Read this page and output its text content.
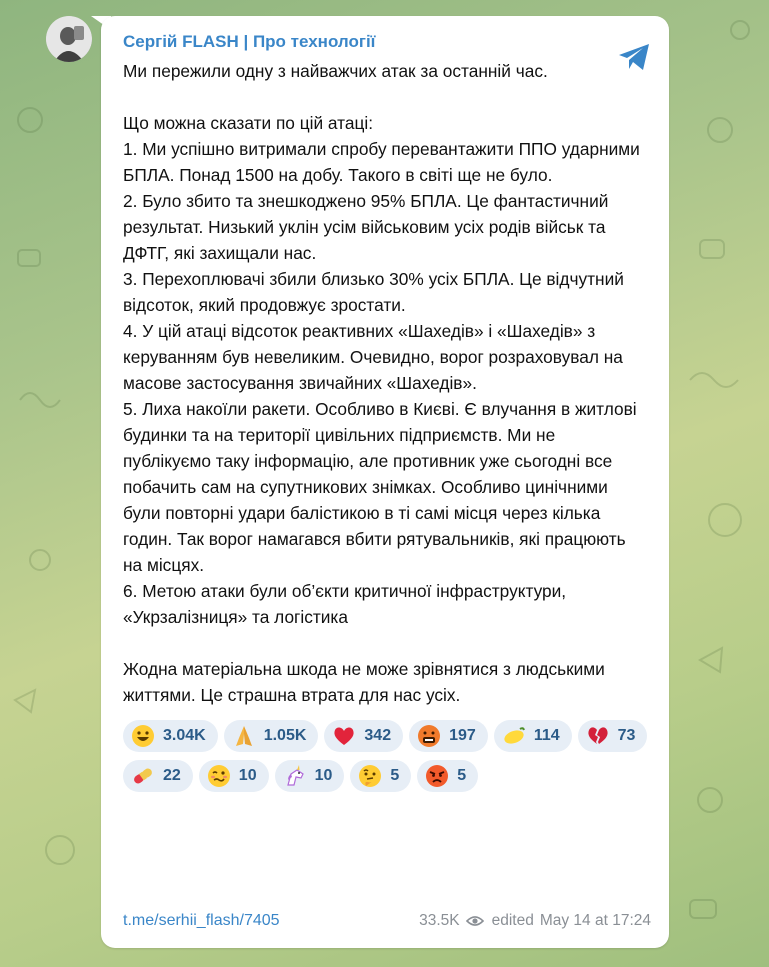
Сергій FLASH | Про технології

Ми пережили одну з найважчих атак за останній час.

Що можна сказати по цій атаці:

1. Ми успішно витримали спробу перевантажити ППО ударними БПЛА. Понад 1500 на добу. Такого в світі ще не було.

2. Було збито та знешкоджено 95% БПЛА. Це фантастичний результат. Низький уклін усім військовим усіх родів військ та ДФТГ, які захищали нас.

3. Перехоплювачі збили близько 30% усіх БПЛА. Це відчутний відсоток, який продовжує зростати.

4. У цій атаці відсоток реактивних «Шахедів» і «Шахедів» з керуванням був невеликим. Очевидно, ворог розраховувал на масове застосування звичайних «Шахедів».

5. Лиха накоїли ракети. Особливо в Києві. Є влучання в житлові будинки та на території цивільних підприємств. Ми не публікуємо таку інформацію, але противник уже сьогодні все побачить сам на супутникових знімках. Особливо цинічними були повторні удари балістикою в ті самі місця через кілька годин. Так ворог намагався вбити рятувальників, які працюють на місцях.

6. Метою атаки були об’єкти критичної інфраструктури, «Укрзалізниця» та логістика

Жодна матеріальна шкода не може зрівнятися з людськими життями. Це страшна втрата для нас усіх.

3.04K	1.05K	342	197	114	73
22	10	10	5	5
t.me/serhii_flash/7405	33.5K edited May 14 at 17:24
